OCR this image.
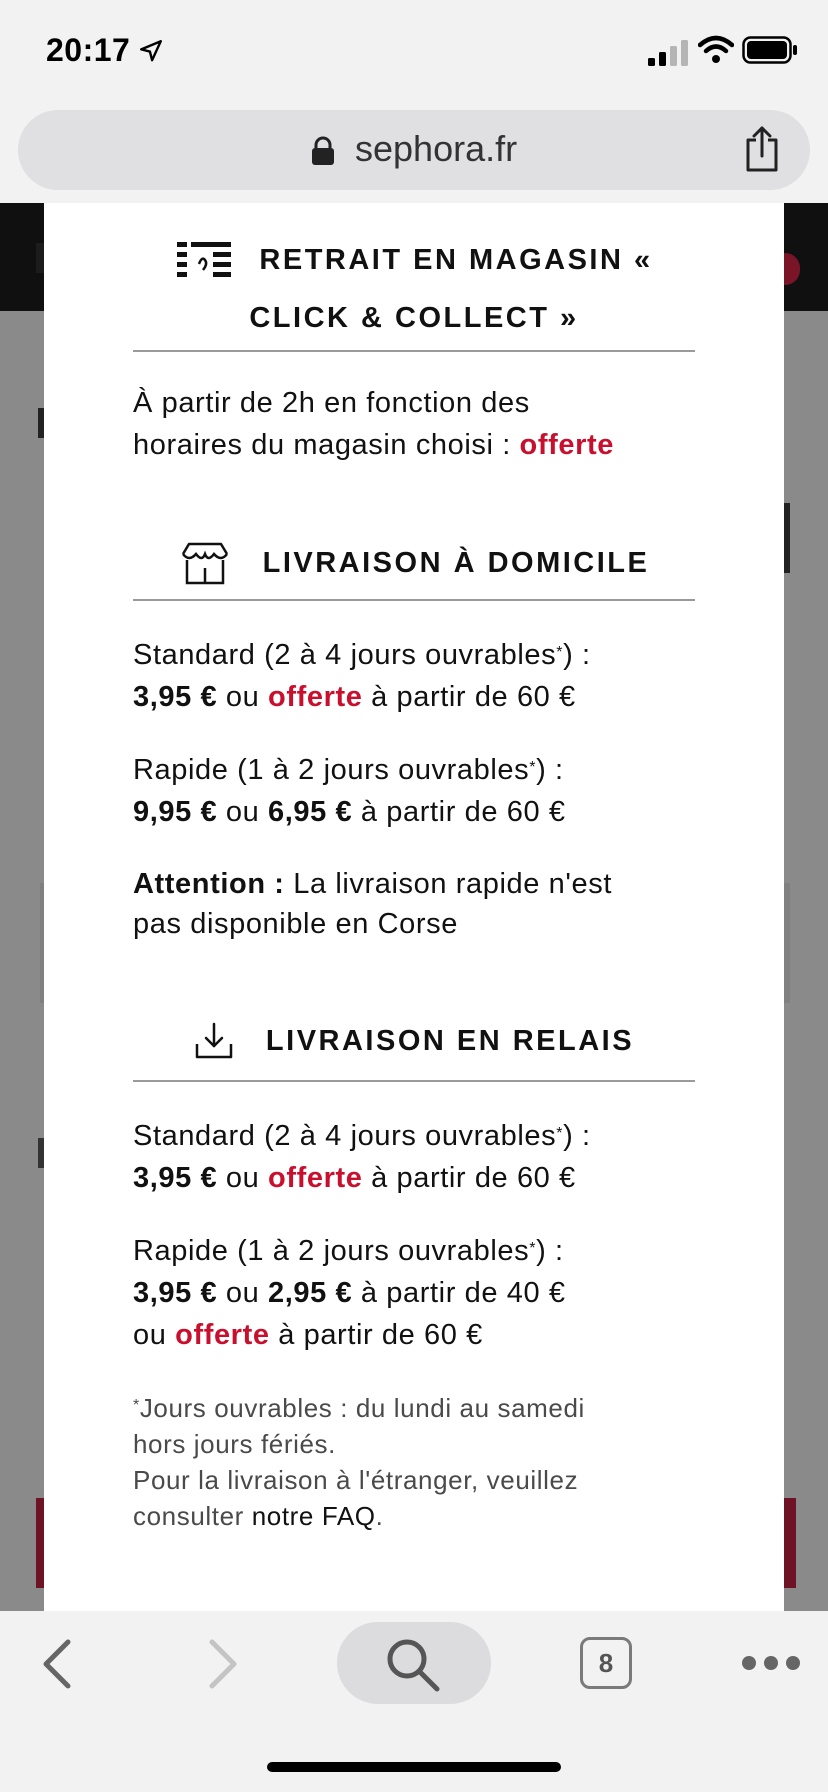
20:17
sephora.fr
RETRAIT EN MAGASIN «
CLICK & COLLECT »
À partir de 2h en fonction des
horaires du magasin choisi : offerte
LIVRAISON À DOMICILE
Standard (2 à 4 jours ouvrables*) :
3,95 € ou offerte à partir de 60 €
Rapide (1 à 2 jours ouvrables*) :
9,95 € ou 6,95 € à partir de 60 €
Attention : La livraison rapide n'est
pas disponible en Corse
LIVRAISON EN RELAIS
Standard (2 à 4 jours ouvrables*) :
3,95 € ou offerte à partir de 60 €
Rapide (1 à 2 jours ouvrables*) :
3,95 € ou 2,95 € à partir de 40 €
ou offerte à partir de 60 €
*Jours ouvrables : du lundi au samedi
hors jours fériés.
Pour la livraison à l'étranger, veuillez
consulter notre FAQ.
8
